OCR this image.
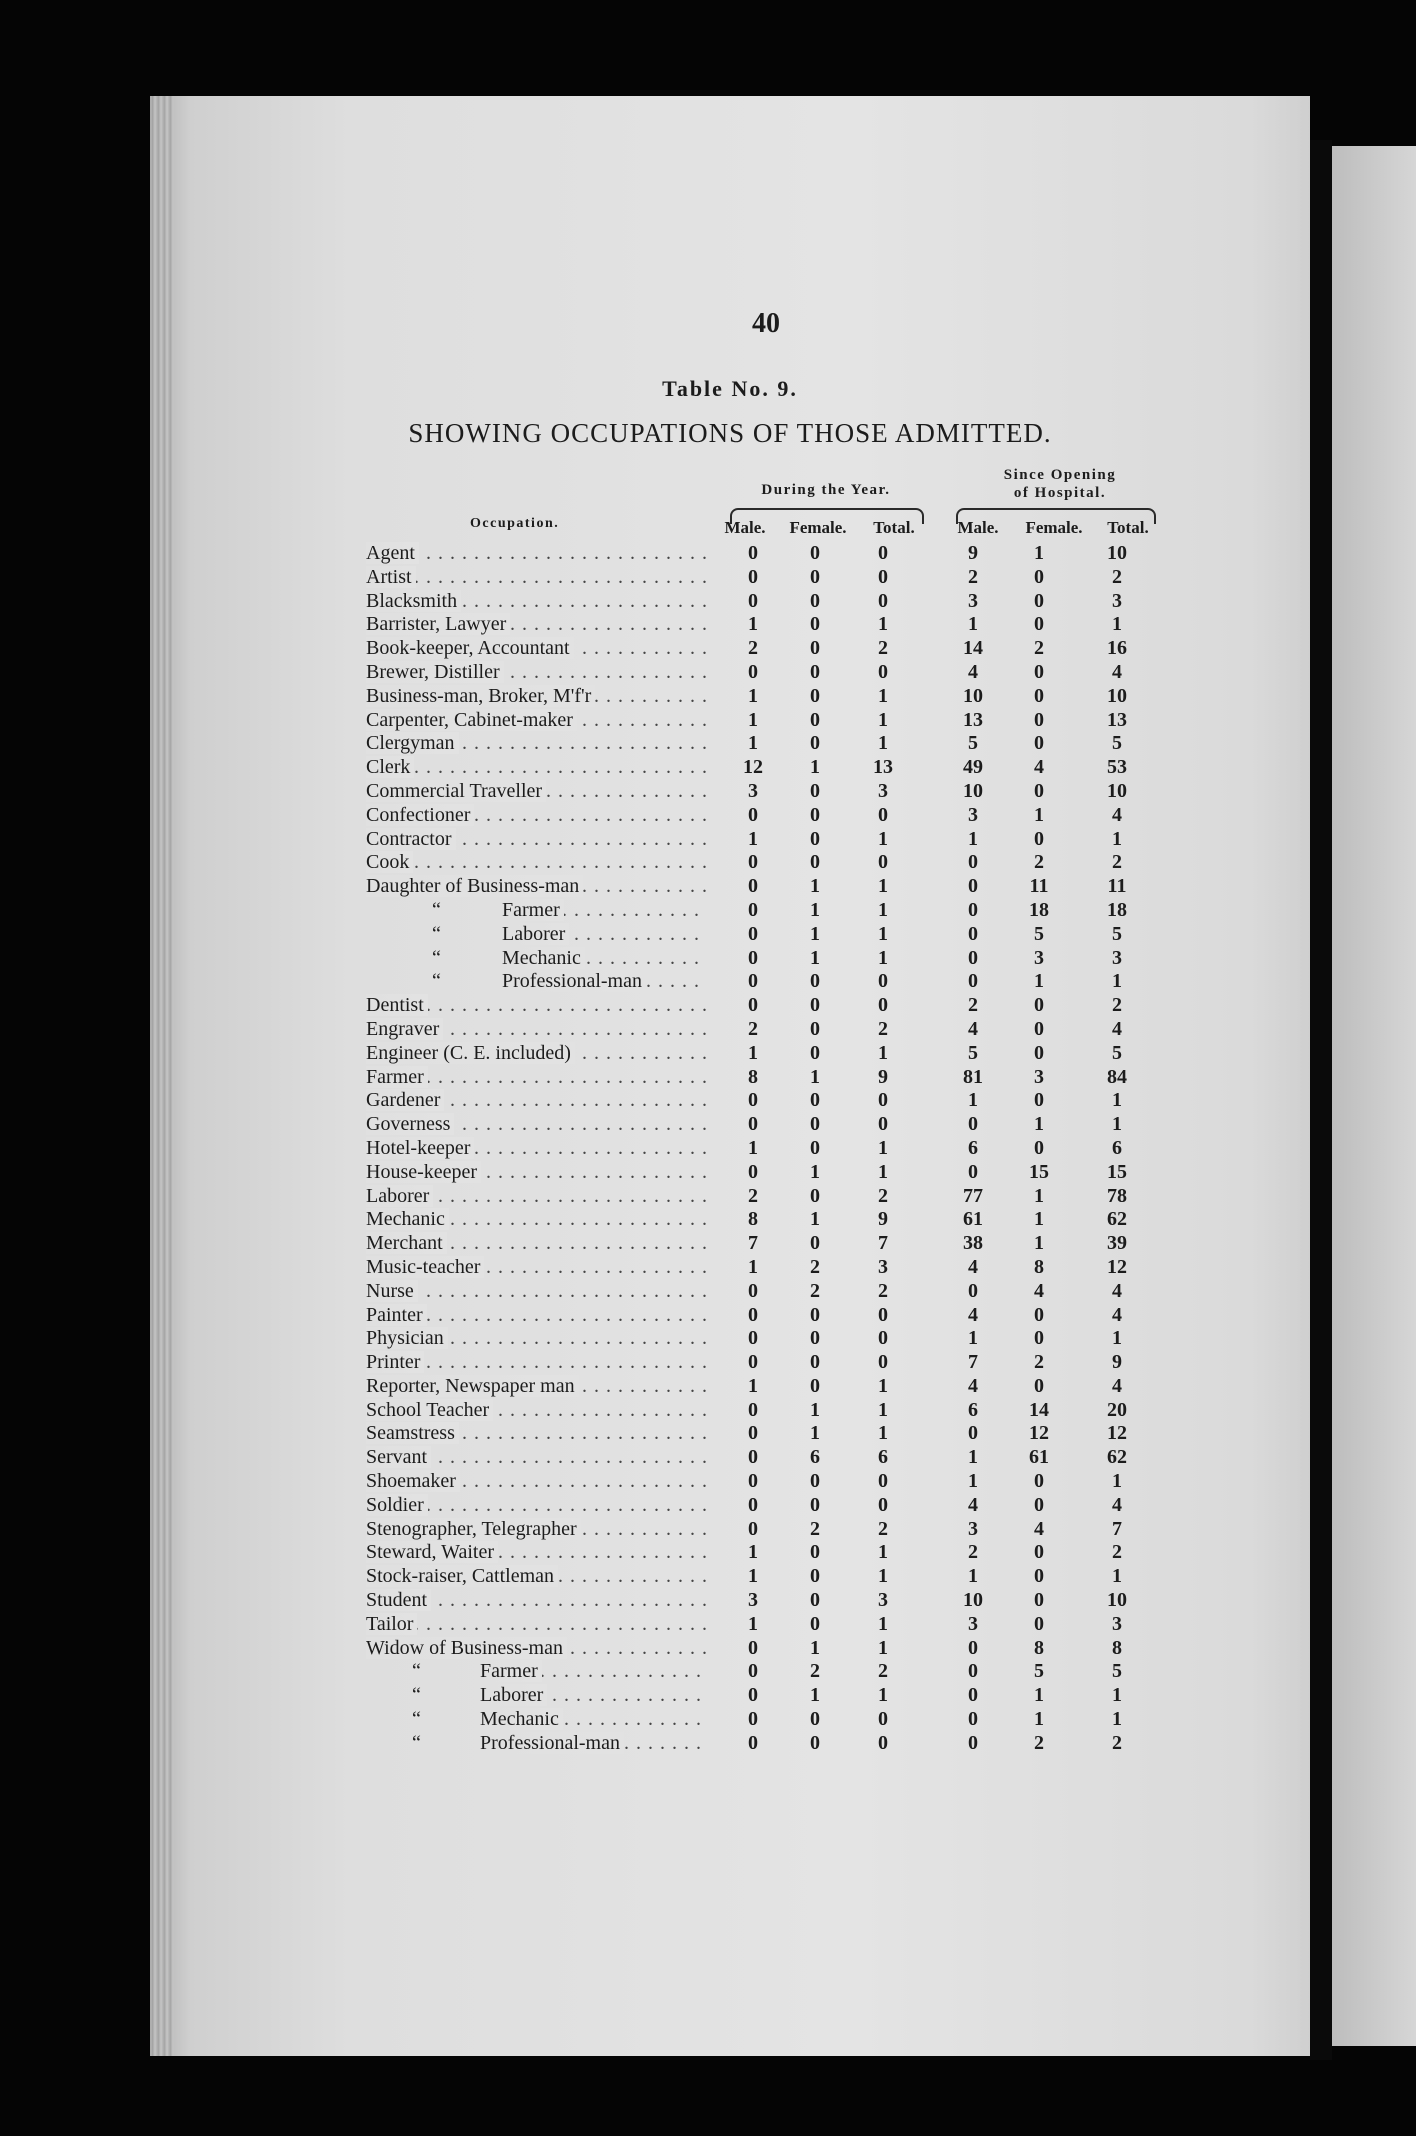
40
Table No. 9.
SHOWING OCCUPATIONS OF THOSE ADMITTED.
During the Year.
Since Opening
of Hospital.
Occupation.	Male.	Female.	Total.	Male.	Female.	Total.
Agent . . .	0	0	0	9	1	10
Artist . . .	0	0	0	2	0	2
Blacksmith . . .	0	0	0	3	0	3
Barrister, Lawyer . . .	1	0	1	1	0	1
Book-keeper, Accountant . . .	2	0	2	14	2	16
Brewer, Distiller . . .	0	0	0	4	0	4
Business-man, Broker, M'f'r . . .	1	0	1	10	0	10
Carpenter, Cabinet-maker . . .	1	0	1	13	0	13
Clergyman . . .	1	0	1	5	0	5
Clerk . . .	12	1	13	49	4	53
Commercial Traveller . . .	3	0	3	10	0	10
Confectioner . . .	0	0	0	3	1	4
Contractor . . .	1	0	1	1	0	1
Cook . . .	0	0	0	0	2	2
Daughter of Business-man . . .	0	1	1	0	11	11
“	Farmer . . .	0	1	1	0	18	18
“	Laborer . . .	0	1	1	0	5	5
“	Mechanic . . .	0	1	1	0	3	3
“	Professional-man . . .	0	0	0	0	1	1
Dentist . . .	0	0	0	2	0	2
Engraver . . .	2	0	2	4	0	4
Engineer (C. E. included) . . .	1	0	1	5	0	5
Farmer . . .	8	1	9	81	3	84
Gardener . . .	0	0	0	1	0	1
Governess . . .	0	0	0	0	1	1
Hotel-keeper . . .	1	0	1	6	0	6
House-keeper . . .	0	1	1	0	15	15
Laborer . . .	2	0	2	77	1	78
Mechanic . . .	8	1	9	61	1	62
Merchant . . .	7	0	7	38	1	39
Music-teacher . . .	1	2	3	4	8	12
Nurse . . .	0	2	2	0	4	4
Painter . . .	0	0	0	4	0	4
Physician . . .	0	0	0	1	0	1
Printer . . .	0	0	0	7	2	9
Reporter, Newspaper man . . .	1	0	1	4	0	4
School Teacher . . .	0	1	1	6	14	20
Seamstress . . .	0	1	1	0	12	12
Servant . . .	0	6	6	1	61	62
Shoemaker . . .	0	0	0	1	0	1
Soldier . . .	0	0	0	4	0	4
Stenographer, Telegrapher . . .	0	2	2	3	4	7
Steward, Waiter . . .	1	0	1	2	0	2
Stock-raiser, Cattleman . . .	1	0	1	1	0	1
Student . . .	3	0	3	10	0	10
Tailor . . .	1	0	1	3	0	3
Widow of Business-man . . .	0	1	1	0	8	8
“	Farmer . . .	0	2	2	0	5	5
“	Laborer . . .	0	1	1	0	1	1
“	Mechanic . . .	0	0	0	0	1	1
“	Professional-man . . .	0	0	0	0	2	2
